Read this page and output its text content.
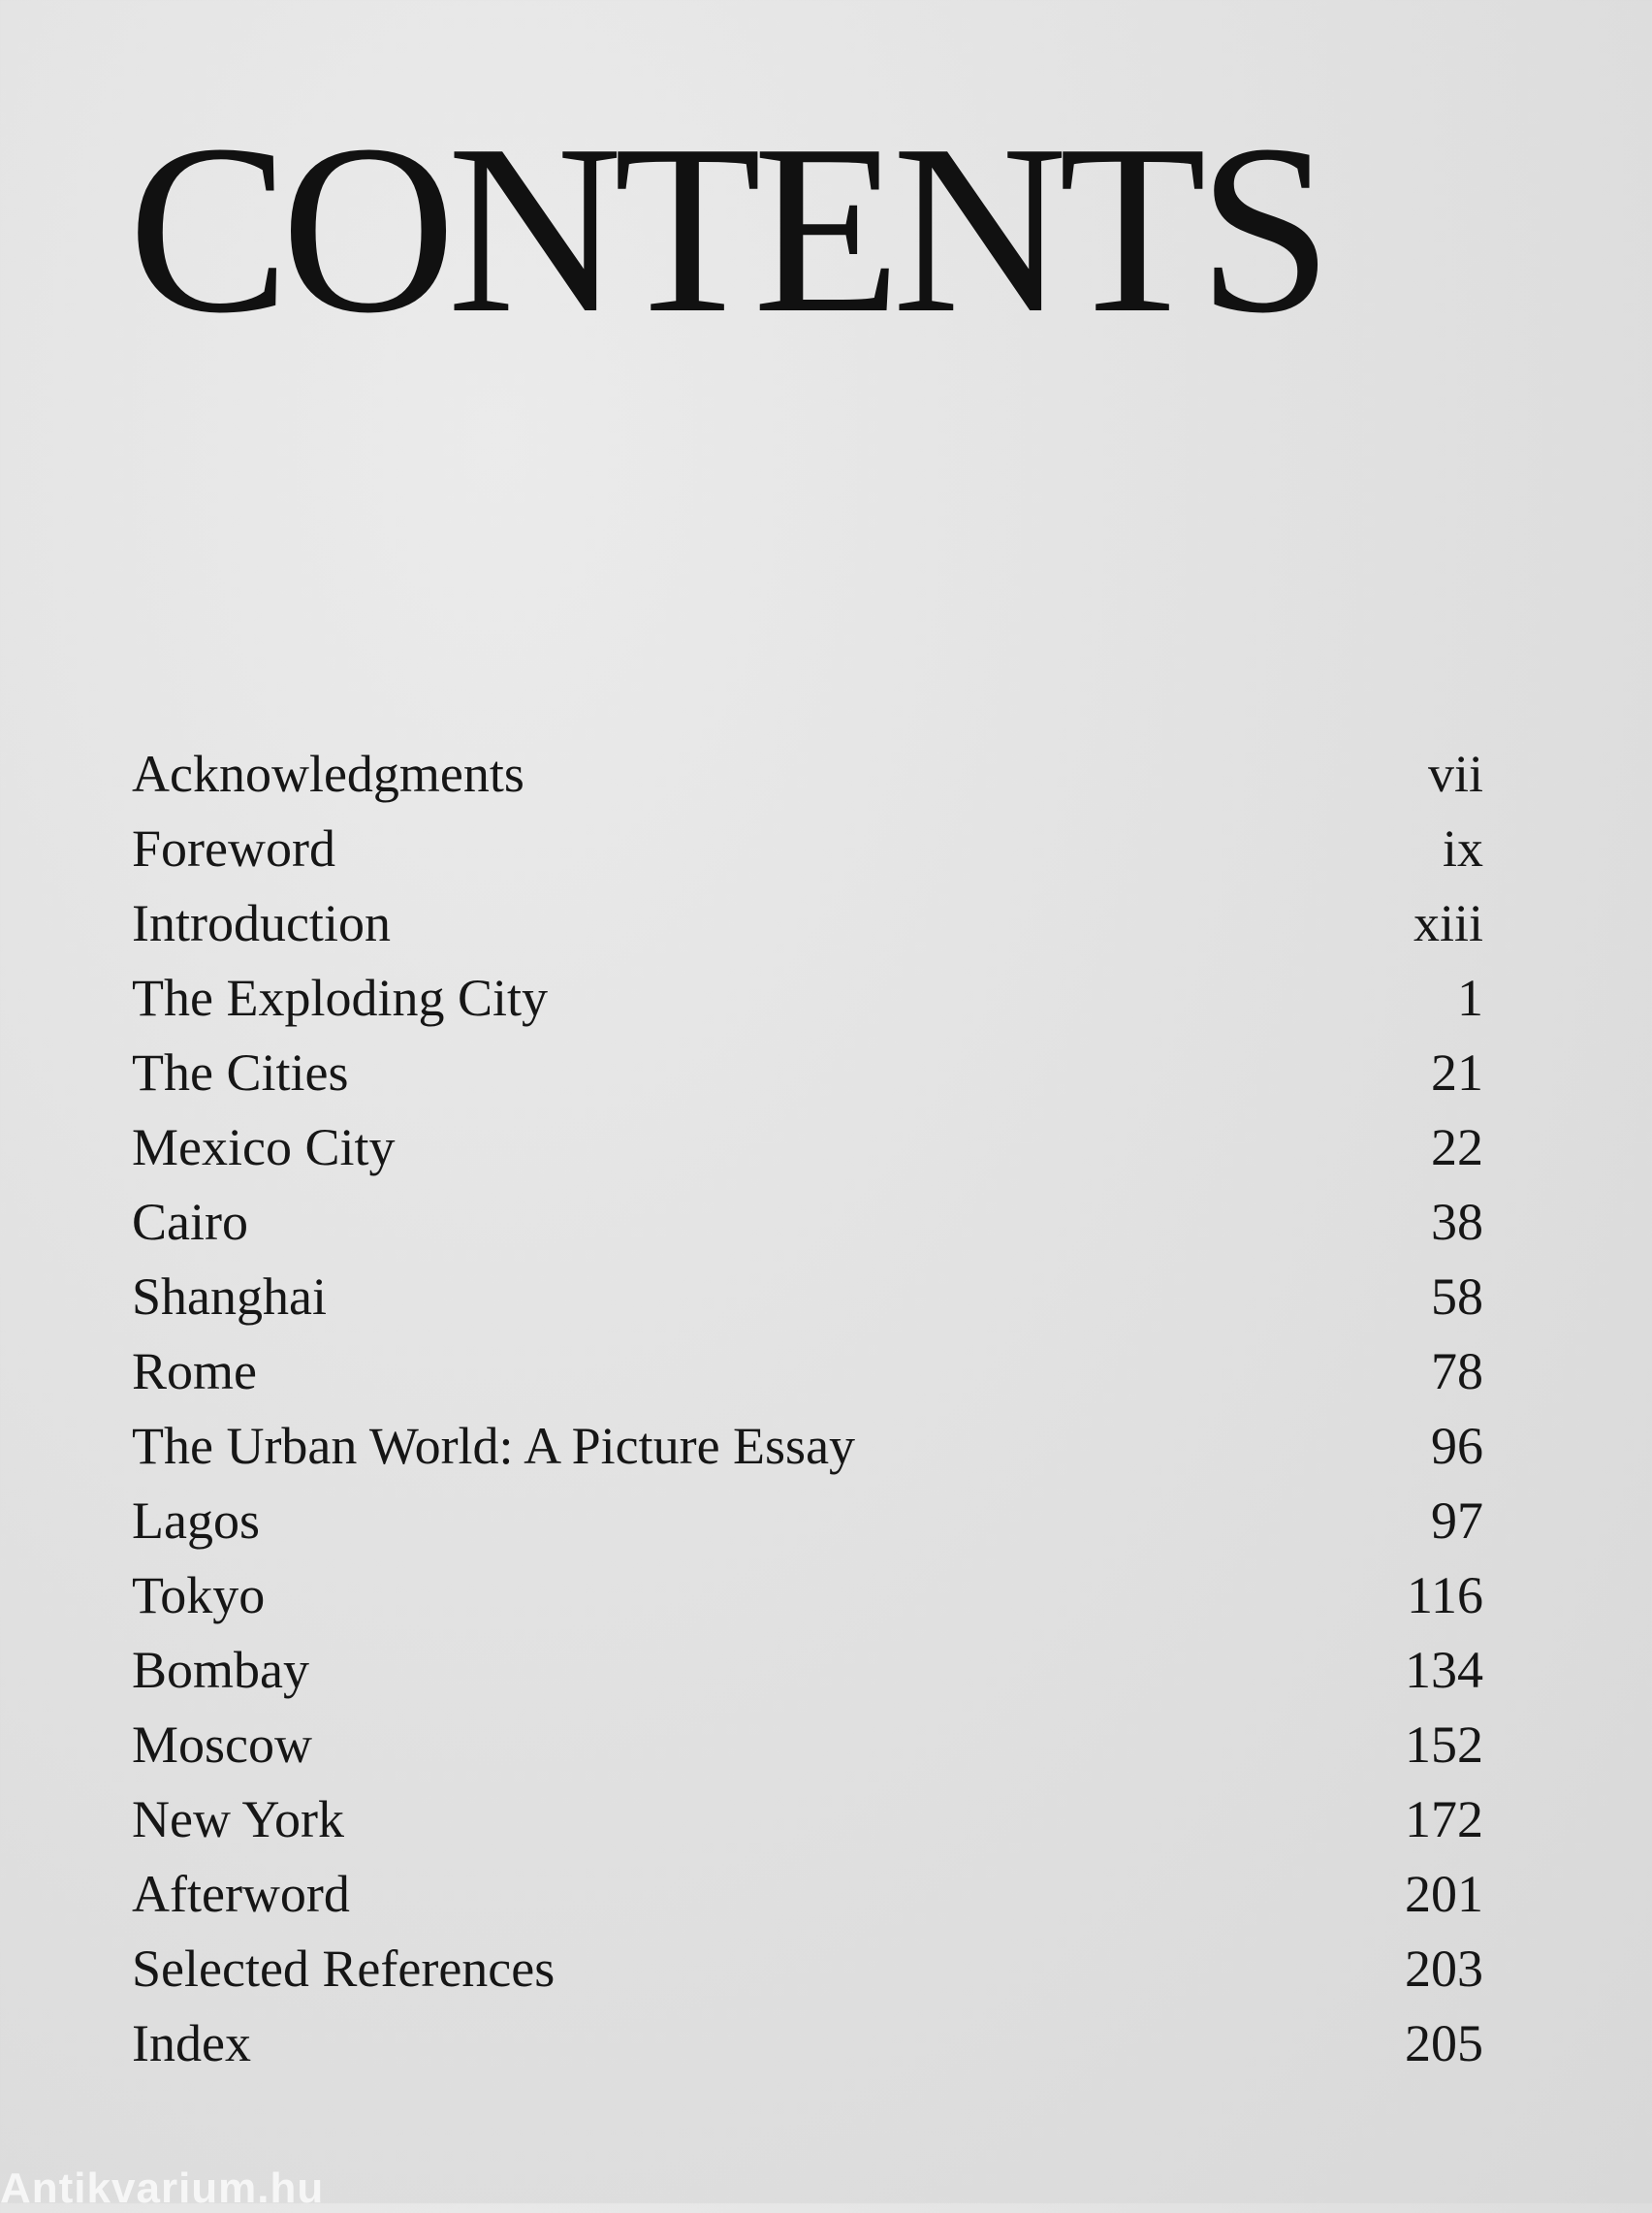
CONTENTS
Acknowledgments	vii
Foreword	ix
Introduction	xiii
The Exploding City	1
The Cities	21
Mexico City	22
Cairo	38
Shanghai	58
Rome	78
The Urban World: A Picture Essay	96
Lagos	97
Tokyo	116
Bombay	134
Moscow	152
New York	172
Afterword	201
Selected References	203
Index	205
Antikvarium.hu
